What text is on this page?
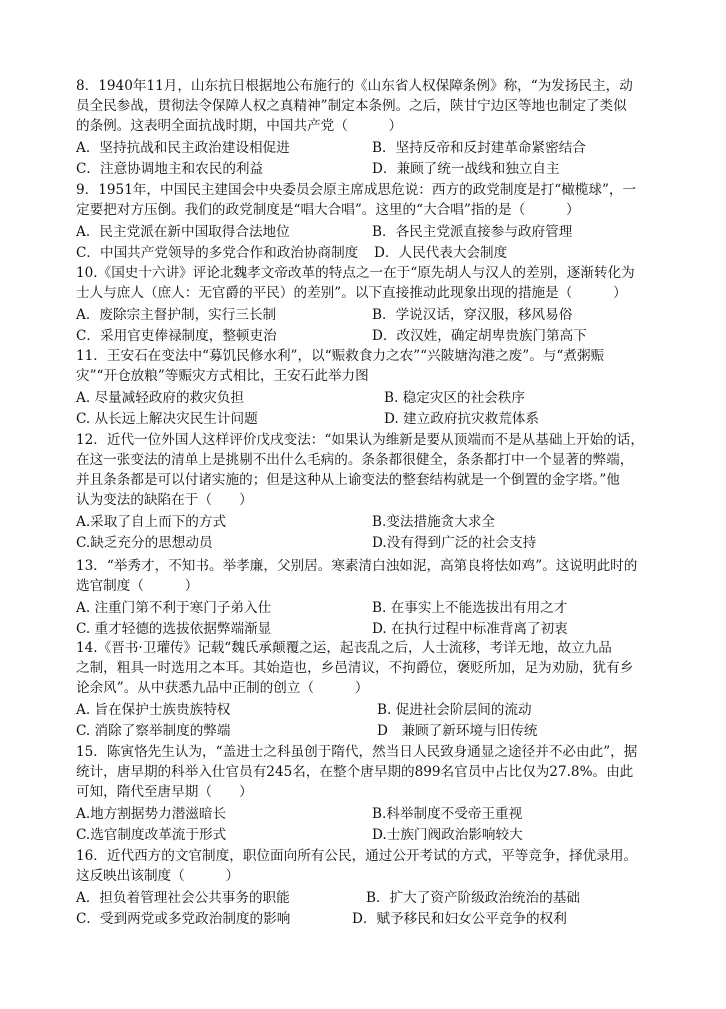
8．1940年11月，山东抗日根据地公布施行的《山东省人权保障条例》称，“为发扬民主，动
员全民参战，贯彻法令保障人权之真精神”制定本条例。之后，陕甘宁边区等地也制定了类似
的条例。这表明全面抗战时期，中国共产党（　　　）
A．坚持抗战和民主政治建设相促进	B．坚持反帝和反封建革命紧密结合
C．注意协调地主和农民的利益	D．兼顾了统一战线和独立自主
9．1951年，中国民主建国会中央委员会原主席成思危说：西方的政党制度是打“橄榄球”，一
定要把对方压倒。我们的政党制度是“唱大合唱”。这里的“大合唱”指的是（　　　）
A．民主党派在新中国取得合法地位	B．各民主党派直接参与政府管理
C．中国共产党领导的多党合作和政治协商制度 D．人民代表大会制度
10.《国史十六讲》评论北魏孝文帝改革的特点之一在于“原先胡人与汉人的差别，逐渐转化为
士人与庶人（庶人：无官爵的平民）的差别”。以下直接推动此现象出现的措施是（　　　）
A．废除宗主督护制，实行三长制	B．学说汉话，穿汉服，移风易俗
C．采用官吏俸禄制度，整顿吏治	D．改汉姓，确定胡卑贵族门第高下
11．王安石在变法中“募饥民修水利”，以“赈救食力之农”“兴陂塘沟港之废”。与“煮粥赈
灾”“开仓放粮”等赈灾方式相比，王安石此举力图
A. 尽量减轻政府的救灾负担	B. 稳定灾区的社会秩序
C. 从长远上解决灾民生计问题	D. 建立政府抗灾救荒体系
12．近代一位外国人这样评价戊戌变法：“如果认为维新是要从顶端而不是从基础上开始的话，
在这一张变法的清单上是挑剔不出什么毛病的。条条都很健全，条条都打中一个显著的弊端，
并且条条都是可以付诸实施的；但是这种从上谕变法的整套结构就是一个倒置的金字塔。”他
认为变法的缺陷在于（　　）
A.采取了自上而下的方式	B.变法措施贪大求全
C.缺乏充分的思想动员	D.没有得到广泛的社会支持
13．“举秀才，不知书。举孝廉，父别居。寒素清白浊如泥，高第良将怯如鸡”。这说明此时的
选官制度（　　　）
A. 注重门第不利于寒门子弟入仕	B. 在事实上不能选拔出有用之才
C. 重才轻德的选拔依据弊端渐显	D. 在执行过程中标准背离了初衷
14.《晋书·卫瓘传》记载“魏氏承颠覆之运，起丧乱之后，人士流移，考详无地，故立九品
之制，粗具一时选用之本耳。其始造也，乡邑清议，不拘爵位，褒贬所加，足为劝励，犹有乡
论余风”。从中获悉九品中正制的创立（　　　）
A. 旨在保护士族贵族特权	B. 促进社会阶层间的流动
C. 消除了察举制度的弊端	D　兼顾了新环境与旧传统
15．陈寅恪先生认为，“盖进士之科虽创于隋代，然当日人民致身通显之途径并不必由此”，据
统计，唐早期的科举入仕官员有245名，在整个唐早期的899名官员中占比仅为27.8%。由此
可知，隋代至唐早期（　　）
A.地方割据势力潜滋暗长	B.科举制度不受帝王重视
C.选官制度改革流于形式	D.士族门阀政治影响较大
16．近代西方的文官制度，职位面向所有公民，通过公开考试的方式，平等竞争，择优录用。
这反映出该制度（　　　）
A．担负着管理社会公共事务的职能	B．扩大了资产阶级政治统治的基础
C．受到两党或多党政治制度的影响	D．赋予移民和妇女公平竞争的权利
